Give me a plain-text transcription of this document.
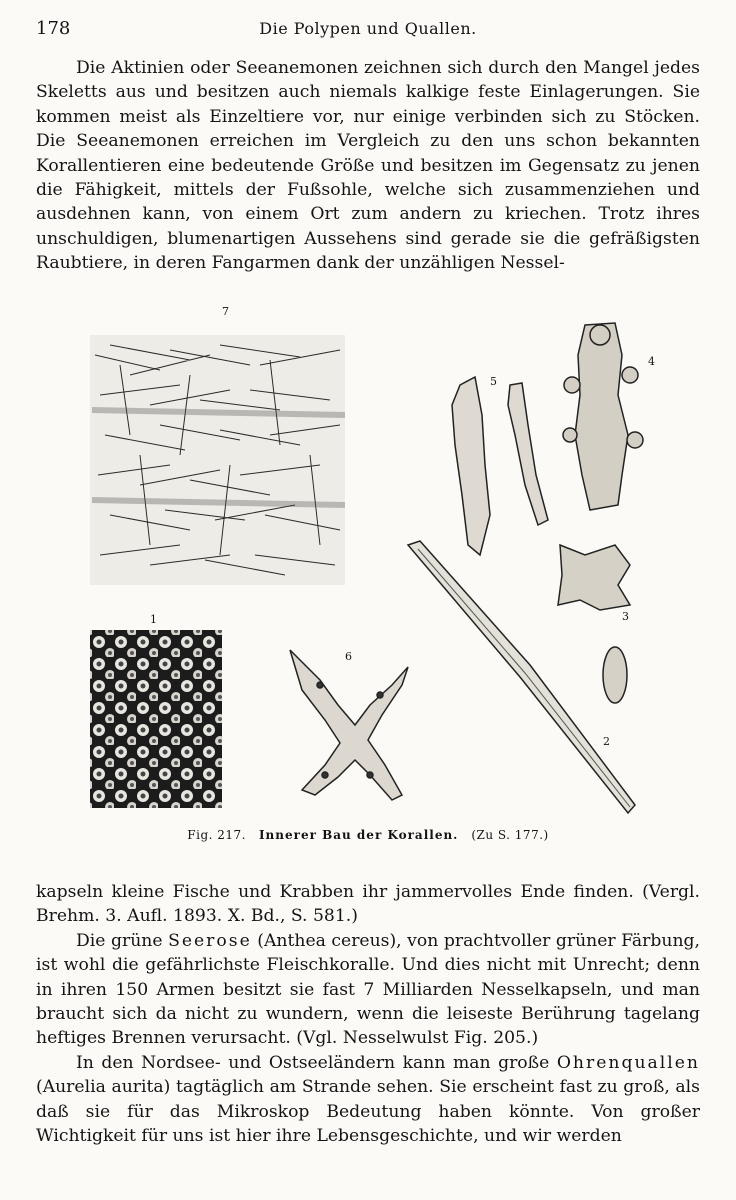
178	Die Polypen und Quallen.

Die Aktinien oder Seeanemonen zeichnen sich durch den Mangel jedes Skeletts aus und besitzen auch niemals kalkige feste Einlagerungen. Sie kommen meist als Einzeltiere vor, nur einige verbinden sich zu Stöcken. Die Seeanemonen erreichen im Vergleich zu den uns schon bekannten Korallentieren eine bedeutende Größe und besitzen im Gegensatz zu jenen die Fähigkeit, mittels der Fußsohle, welche sich zusammenziehen und ausdehnen kann, von einem Ort zum andern zu kriechen. Trotz ihres unschuldigen, blumenartigen Aussehens sind gerade sie die gefräßigsten Raubtiere, in deren Fangarmen dank der unzähligen Nessel-

7
5
4
1
6
3
2
Fig. 217. Innerer Bau der Korallen. (Zu S. 177.)

kapseln kleine Fische und Krabben ihr jammervolles Ende finden. (Vergl. Brehm. 3. Aufl. 1893. X. Bd., S. 581.)

Die grüne Seerose (Anthea cereus), von prachtvoller grüner Färbung, ist wohl die gefährlichste Fleischkoralle. Und dies nicht mit Unrecht; denn in ihren 150 Armen besitzt sie fast 7 Milliarden Nesselkapseln, und man braucht sich da nicht zu wundern, wenn die leiseste Berührung tagelang heftiges Brennen verursacht. (Vgl. Nesselwulst Fig. 205.)

In den Nordsee- und Ostseeländern kann man große Ohrenquallen (Aurelia aurita) tagtäglich am Strande sehen. Sie erscheint fast zu groß, als daß sie für das Mikroskop Bedeutung haben könnte. Von großer Wichtigkeit für uns ist hier ihre Lebensgeschichte, und wir werden
